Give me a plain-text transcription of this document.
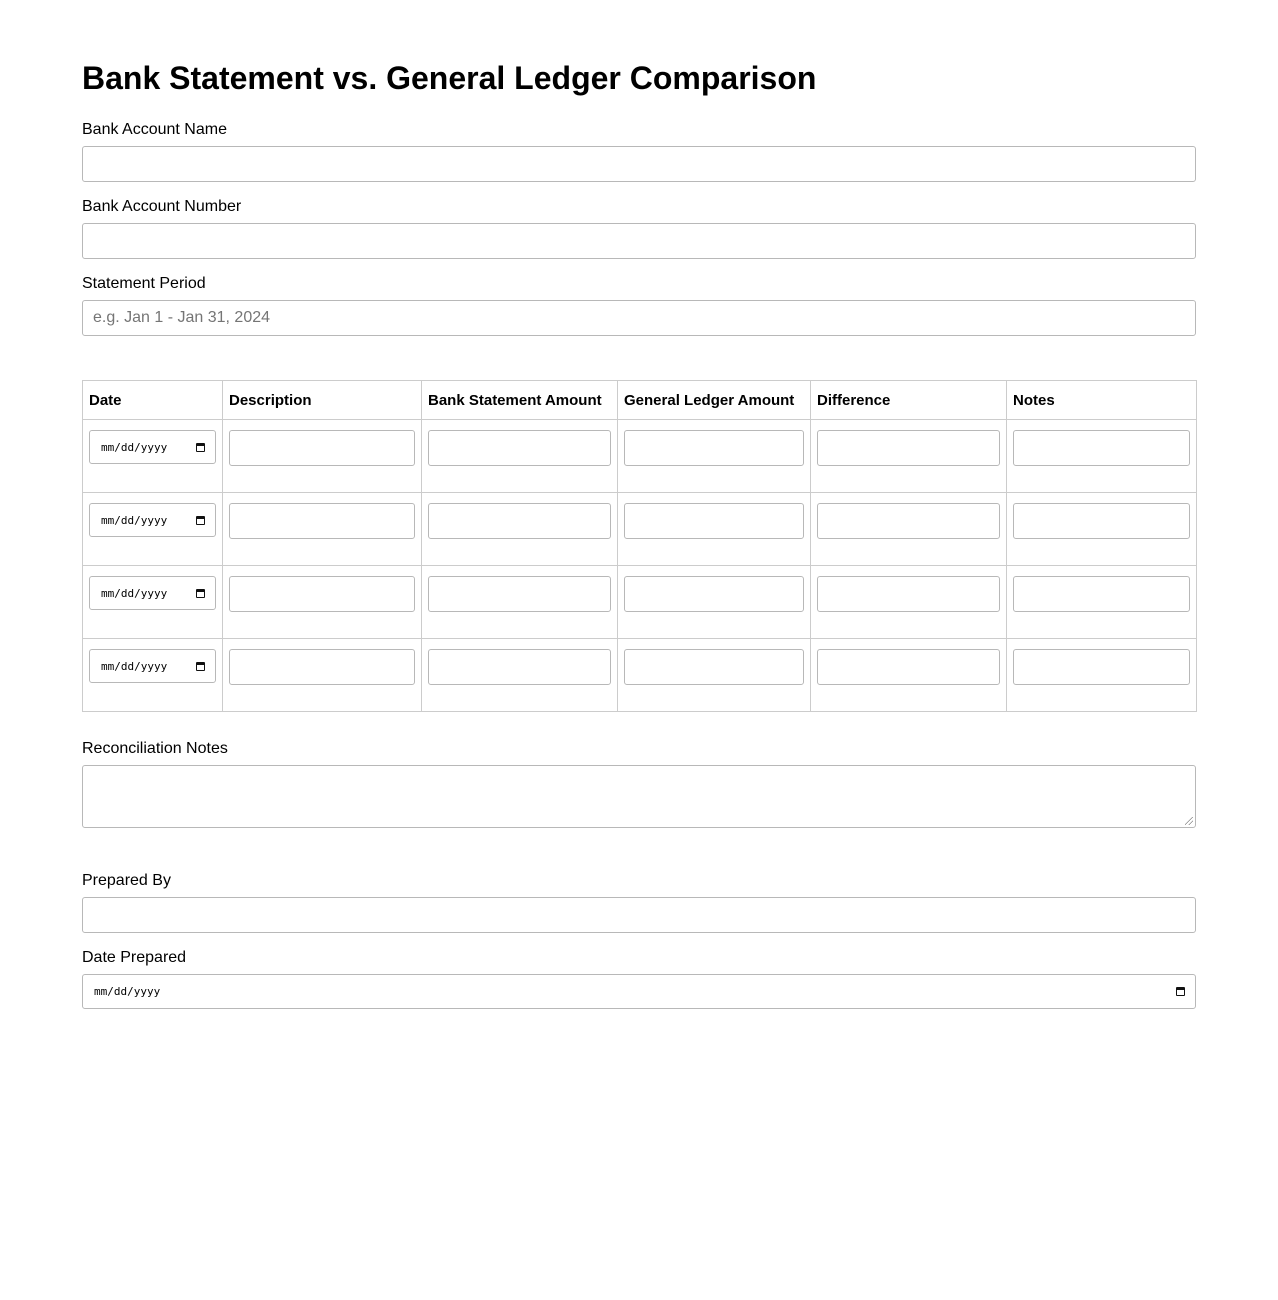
Bank Statement vs. General Ledger Comparison
Bank Account Name
Bank Account Number
Statement Period
e.g. Jan 1 - Jan 31, 2024
Date	Description	Bank Statement Amount	General Ledger Amount	Difference	Notes

mm/dd/yyyy					

mm/dd/yyyy					

mm/dd/yyyy					

mm/dd/yyyy					

Reconciliation Notes
Prepared By
Date Prepared
mm/dd/yyyy
